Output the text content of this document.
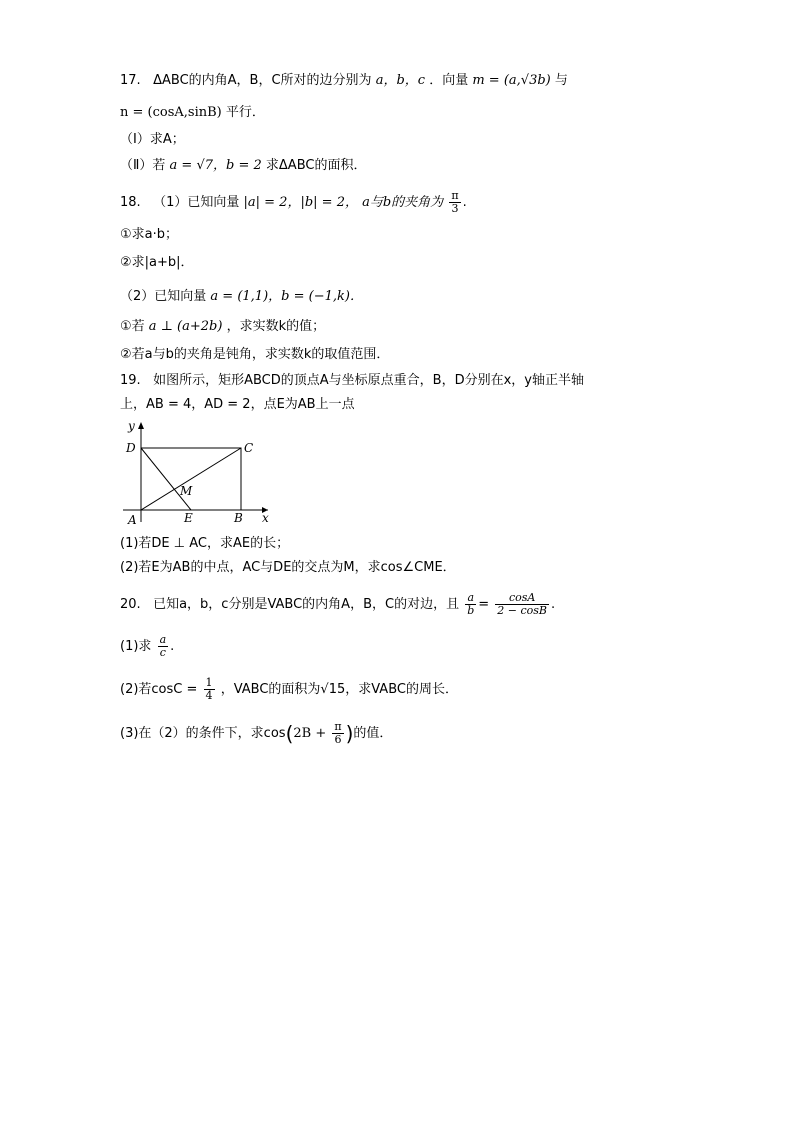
17. ΔABC的内角A，B，C所对的边分别为 a，b，c ．向量 m = (a,√3b) 与
n = (cosA,sinB) 平行．
（Ⅰ）求A；
（Ⅱ）若 a = √7，b = 2 求ΔABC的面积．
18. （1）已知向量 |a| = 2，|b| = 2， a与b的夹角为 $\frac{\pi}{3}$ .
①求a·b；
②求|a+b|．
（2）已知向量 a = (1,1)，b = (−1,k)．
①若 a ⊥ (a+2b) ，求实数k的值；
②若a与b的夹角是钝角，求实数k的取值范围．
19. 如图所示，矩形ABCD的顶点A与坐标原点重合，B，D分别在x，y轴正半轴
上，AB = 4，AD = 2，点E为AB上一点
y
x
D	C
M
A	E	B
(1)若DE ⊥ AC，求AE的长；
(2)若E为AB的中点，AC与DE的交点为M，求cos∠CME．
20. 已知a，b，c分别是VABC的内角A，B，C的对边，且 $\frac{a}{b} = \frac{\cos A}{2 - \cos B}$ .
(1)求 $\frac{a}{c}$ .
(2)若$\cos C = \frac{1}{4}$ ，VABC的面积为√15，求VABC的周长．
(3)在（2）的条件下，求$\cos(2B + \frac{\pi}{6}$ )的值．
